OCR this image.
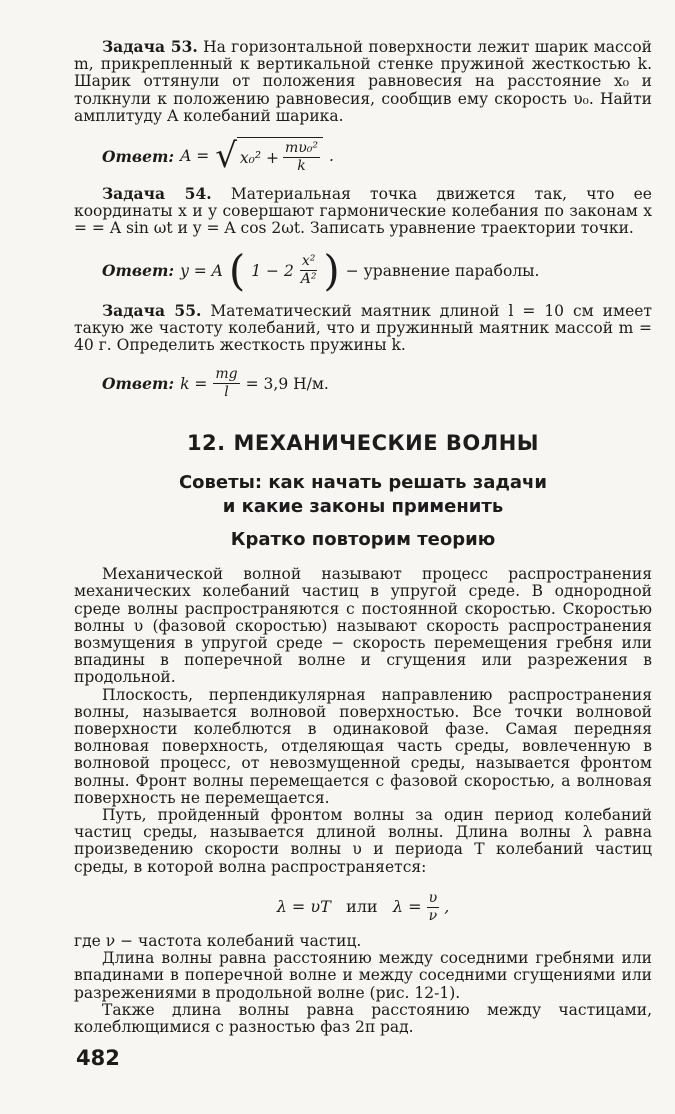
Задача 53. На горизонтальной поверхности лежит шарик массой m, прикрепленный к вертикальной стенке пружиной жесткостью k. Шарик оттянули от положения равновесия на расстояние x₀ и толкнули к положению равновесия, сообщив ему скорость υ₀. Найти амплитуду A колебаний шарика.

Ответ: A = √ $x_0^2 + \frac{\text{mυ₀²}}{k}$ .

Задача 54. Материальная точка движется так, что ее координаты x и y совершают гармонические колебания по законам x = = A sin ωt и y = A cos 2ωt. Записать уравнение траектории точки.

Ответ: y = A ( $1 - 2 \frac{\text{x²}}{\text{A²}}$ ) − уравнение параболы.

Задача 55. Математический маятник длиной l = 10 см имеет такую же частоту колебаний, что и пружинный маятник массой m = 40 г. Определить жесткость пружины k.

Ответ: $k = \frac{mg}{l} = 3,9$ Н/м.
12. МЕХАНИЧЕСКИЕ ВОЛНЫ
Советы: как начать решать задачи
и какие законы применить
Кратко повторим теорию

Механической волной называют процесс распространения механических колебаний частиц в упругой среде. В однородной среде волны распространяются с постоянной скоростью. Скоростью волны υ (фазовой скоростью) называют скорость распространения возмущения в упругой среде − скорость перемещения гребня или впадины в поперечной волне и сгущения или разрежения в продольной.

Плоскость, перпендикулярная направлению распространения волны, называется волновой поверхностью. Все точки волновой поверхности колеблются в одинаковой фазе. Самая передняя волновая поверхность, отделяющая часть среды, вовлеченную в волновой процесс, от невозмущенной среды, называется фронтом волны. Фронт волны перемещается с фазовой скоростью, а волновая поверхность не перемещается.

Путь, пройденный фронтом волны за один период колебаний частиц среды, называется длиной волны. Длина волны λ равна произведению скорости волны υ и периода T колебаний частиц среды, в которой волна распространяется:

λ = υT или $\lambda = \frac{\upsilon}{\nu}$ ,

где ν − частота колебаний частиц.

Длина волны равна расстоянию между соседними гребнями или впадинами в поперечной волне и между соседними сгущениями или разрежениями в продольной волне (рис. 12-1).

Также длина волны равна расстоянию между частицами, колеблющимися с разностью фаз 2π рад.

482
